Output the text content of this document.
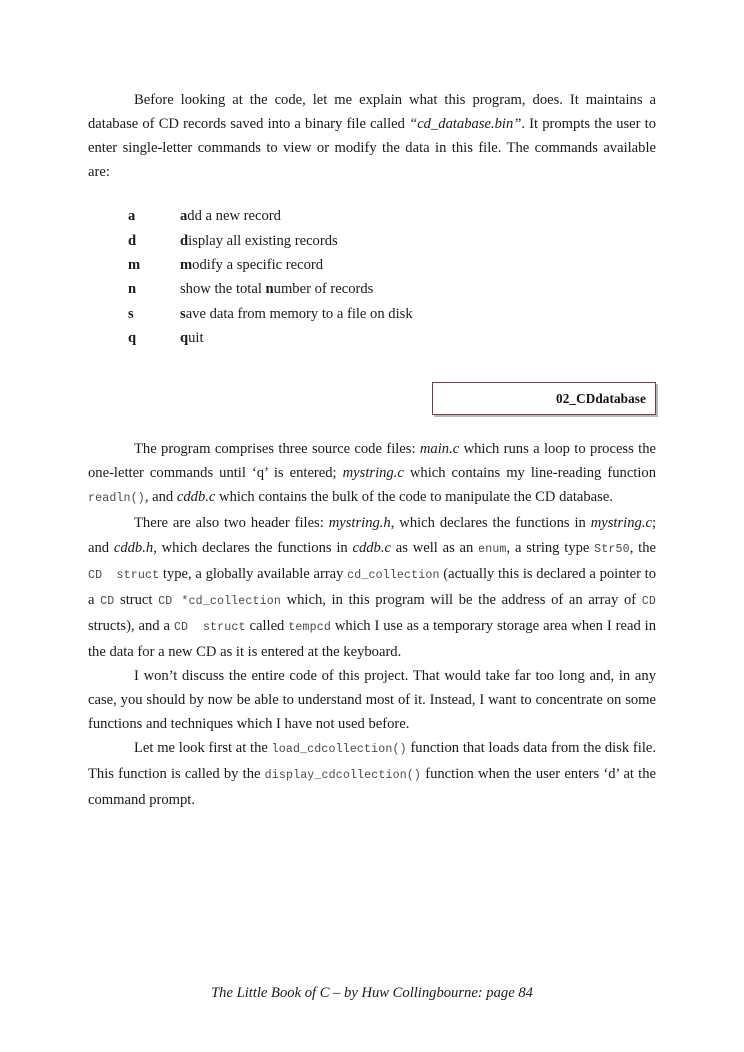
Before looking at the code, let me explain what this program, does. It maintains a database of CD records saved into a binary file called “cd_database.bin”. It prompts the user to enter single-letter commands to view or modify the data in this file. The commands available are:

a	add a new record
d	display all existing records
m	modify a specific record
n	show the total number of records
s	save data from memory to a file on disk
q	quit
02_CDdatabase

The program comprises three source code files: main.c which runs a loop to process the one-letter commands until ‘q’ is entered; mystring.c which contains my line-reading function readln(), and cddb.c which contains the bulk of the code to manipulate the CD database.

There are also two header files: mystring.h, which declares the functions in mystring.c; and cddb.h, which declares the functions in cddb.c as well as an enum, a string type Str50, the CD  struct type, a globally available array cd_collection (actually this is declared a pointer to a CD struct CD *cd_collection which, in this program will be the address of an array of CD structs), and a CD  struct called tempcd which I use as a temporary storage area when I read in the data for a new CD as it is entered at the keyboard.

I won’t discuss the entire code of this project. That would take far too long and, in any case, you should by now be able to understand most of it. Instead, I want to concentrate on some functions and techniques which I have not used before.

Let me look first at the load_cdcollection() function that loads data from the disk file. This function is called by the display_cdcollection() function when the user enters ‘d’ at the command prompt.

The Little Book of C – by Huw Collingbourne: page 84
